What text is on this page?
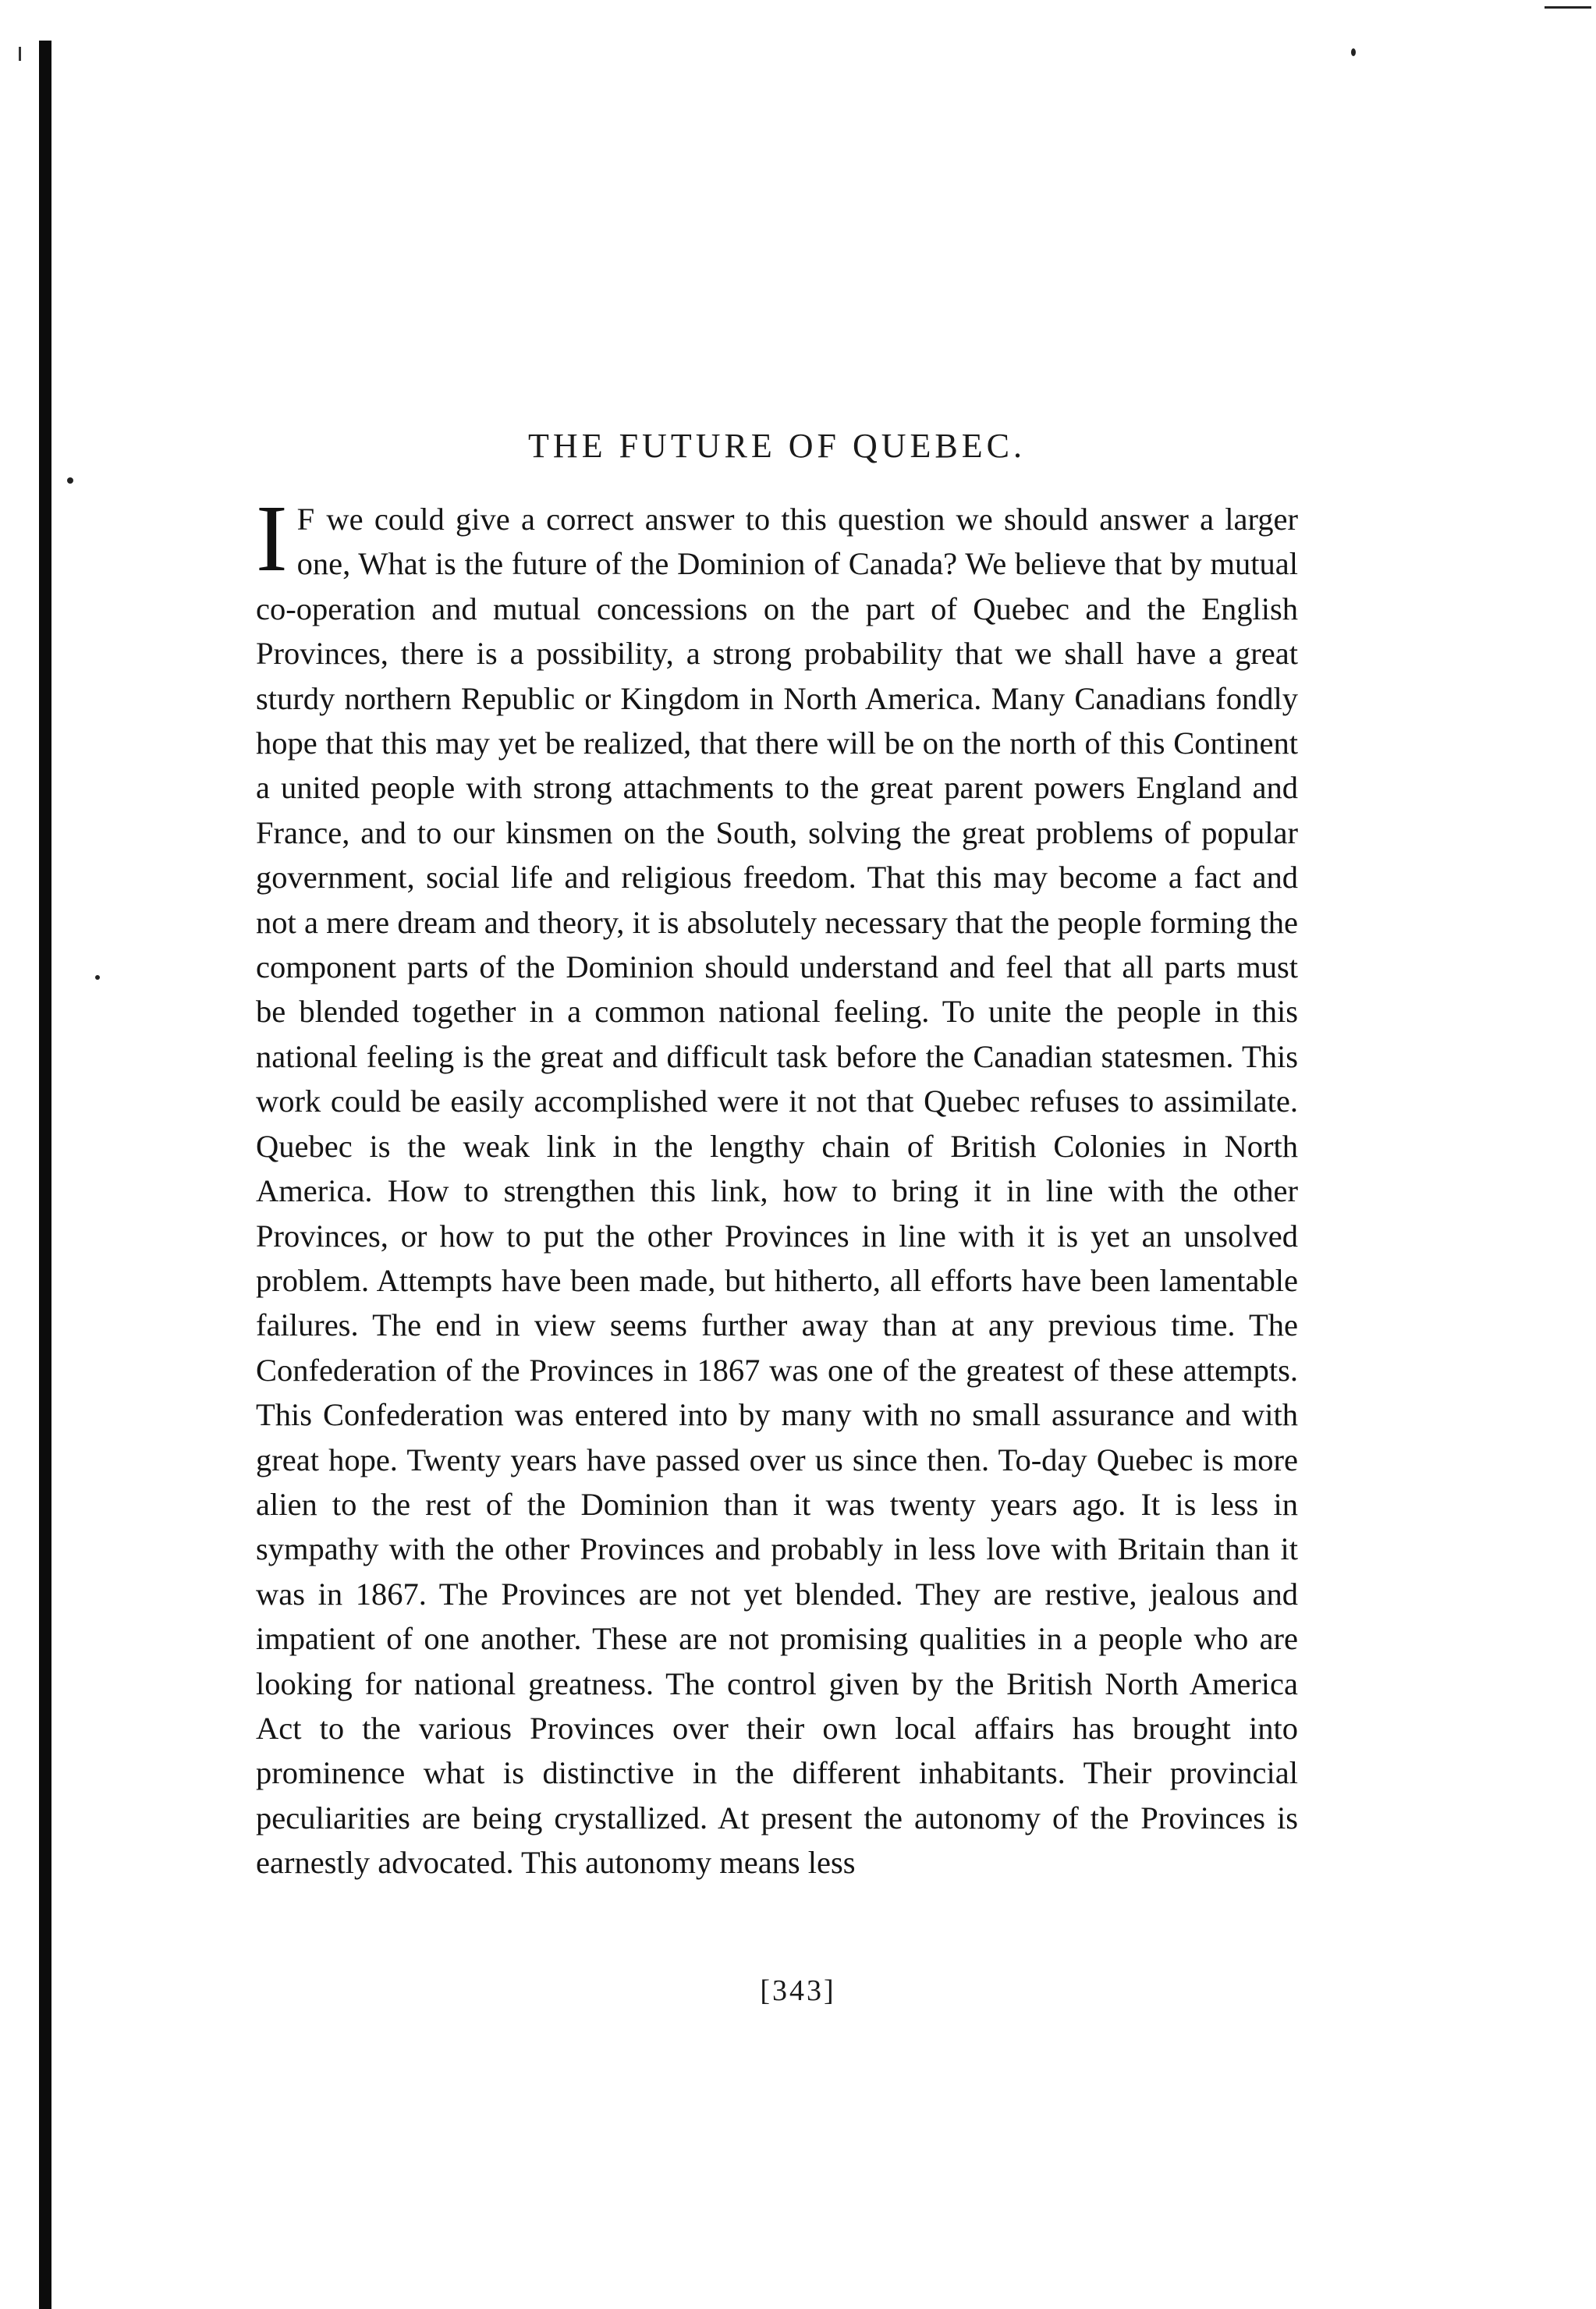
THE FUTURE OF QUEBEC.

I F we could give a correct answer to this question we should answer a larger one, What is the future of the Dominion of Canada? We believe that by mutual co-operation and mutual concessions on the part of Quebec and the English Provinces, there is a possibility, a strong probability that we shall have a great sturdy northern Republic or Kingdom in North America. Many Canadians fondly hope that this may yet be realized, that there will be on the north of this Continent a united people with strong attachments to the great parent powers England and France, and to our kinsmen on the South, solving the great problems of popular government, social life and religious freedom. That this may become a fact and not a mere dream and theory, it is absolutely necessary that the people forming the component parts of the Dominion should understand and feel that all parts must be blended together in a common national feeling. To unite the people in this national feeling is the great and difficult task before the Canadian statesmen. This work could be easily accomplished were it not that Quebec refuses to assimilate. Quebec is the weak link in the lengthy chain of British Colonies in North America. How to strengthen this link, how to bring it in line with the other Provinces, or how to put the other Provinces in line with it is yet an unsolved problem. Attempts have been made, but hitherto, all efforts have been lamentable failures. The end in view seems further away than at any previous time. The Confederation of the Provinces in 1867 was one of the greatest of these attempts. This Confederation was entered into by many with no small assurance and with great hope. Twenty years have passed over us since then. To-day Quebec is more alien to the rest of the Dominion than it was twenty years ago. It is less in sympathy with the other Provinces and probably in less love with Britain than it was in 1867. The Provinces are not yet blended. They are restive, jealous and impatient of one another. These are not promising qualities in a people who are looking for national greatness. The control given by the British North America Act to the various Provinces over their own local affairs has brought into prominence what is distinctive in the different inhabitants. Their provincial peculiarities are being crystallized. At present the autonomy of the Provinces is earnestly advocated. This autonomy means less

[343]
